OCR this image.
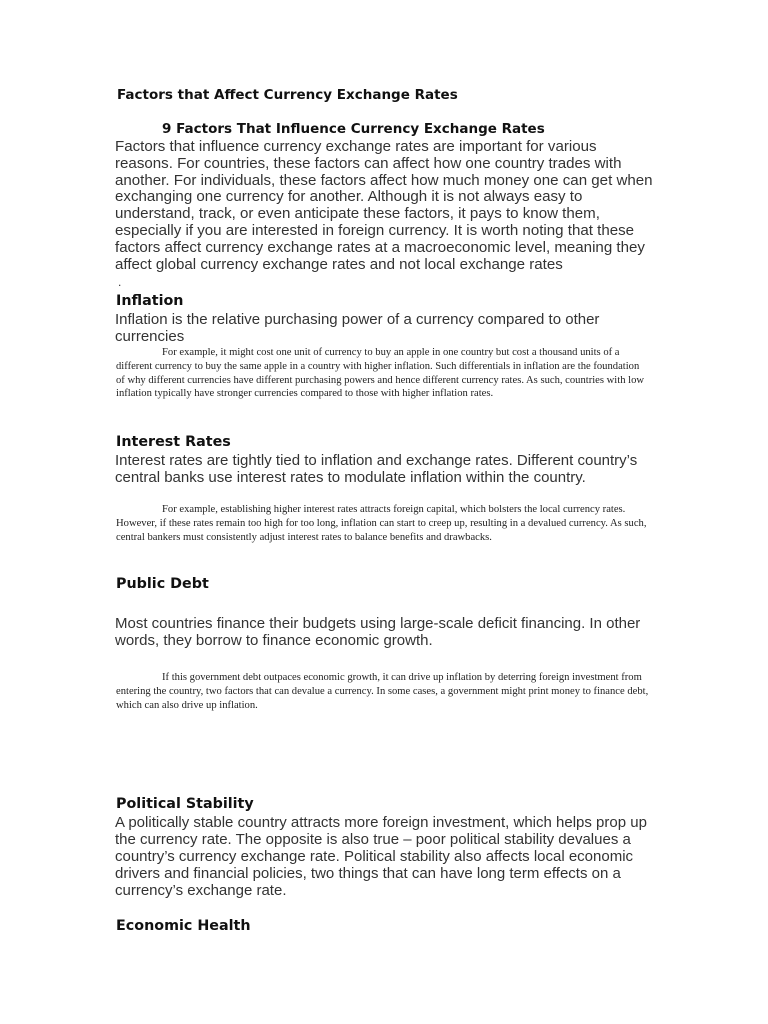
Factors that Affect Currency Exchange Rates
9 Factors That Influence Currency Exchange Rates
Factors that influence currency exchange rates are important for various reasons. For countries, these factors can affect how one country trades with another. For individuals, these factors affect how much money one can get when exchanging one currency for another. Although it is not always easy to understand, track, or even anticipate these factors, it pays to know them, especially if you are interested in foreign currency. It is worth noting that these factors affect currency exchange rates at a macroeconomic level, meaning they affect global currency exchange rates and not local exchange rates
.
Inflation
Inflation is the relative purchasing power of a currency compared to other currencies
For example, it might cost one unit of currency to buy an apple in one country but cost a thousand units of a different currency to buy the same apple in a country with higher inflation. Such differentials in inflation are the foundation of why different currencies have different purchasing powers and hence different currency rates. As such, countries with low inflation typically have stronger currencies compared to those with higher inflation rates.
Interest Rates
Interest rates are tightly tied to inflation and exchange rates. Different country’s central banks use interest rates to modulate inflation within the country.
For example, establishing higher interest rates attracts foreign capital, which bolsters the local currency rates. However, if these rates remain too high for too long, inflation can start to creep up, resulting in a devalued currency. As such, central bankers must consistently adjust interest rates to balance benefits and drawbacks.
Public Debt
Most countries finance their budgets using large-scale deficit financing. In other words, they borrow to finance economic growth.
If this government debt outpaces economic growth, it can drive up inflation by deterring foreign investment from entering the country, two factors that can devalue a currency. In some cases, a government might print money to finance debt, which can also drive up inflation.
Political Stability
A politically stable country attracts more foreign investment, which helps prop up the currency rate. The opposite is also true – poor political stability devalues a country’s currency exchange rate. Political stability also affects local economic drivers and financial policies, two things that can have long term effects on a currency’s exchange rate.
Economic Health
